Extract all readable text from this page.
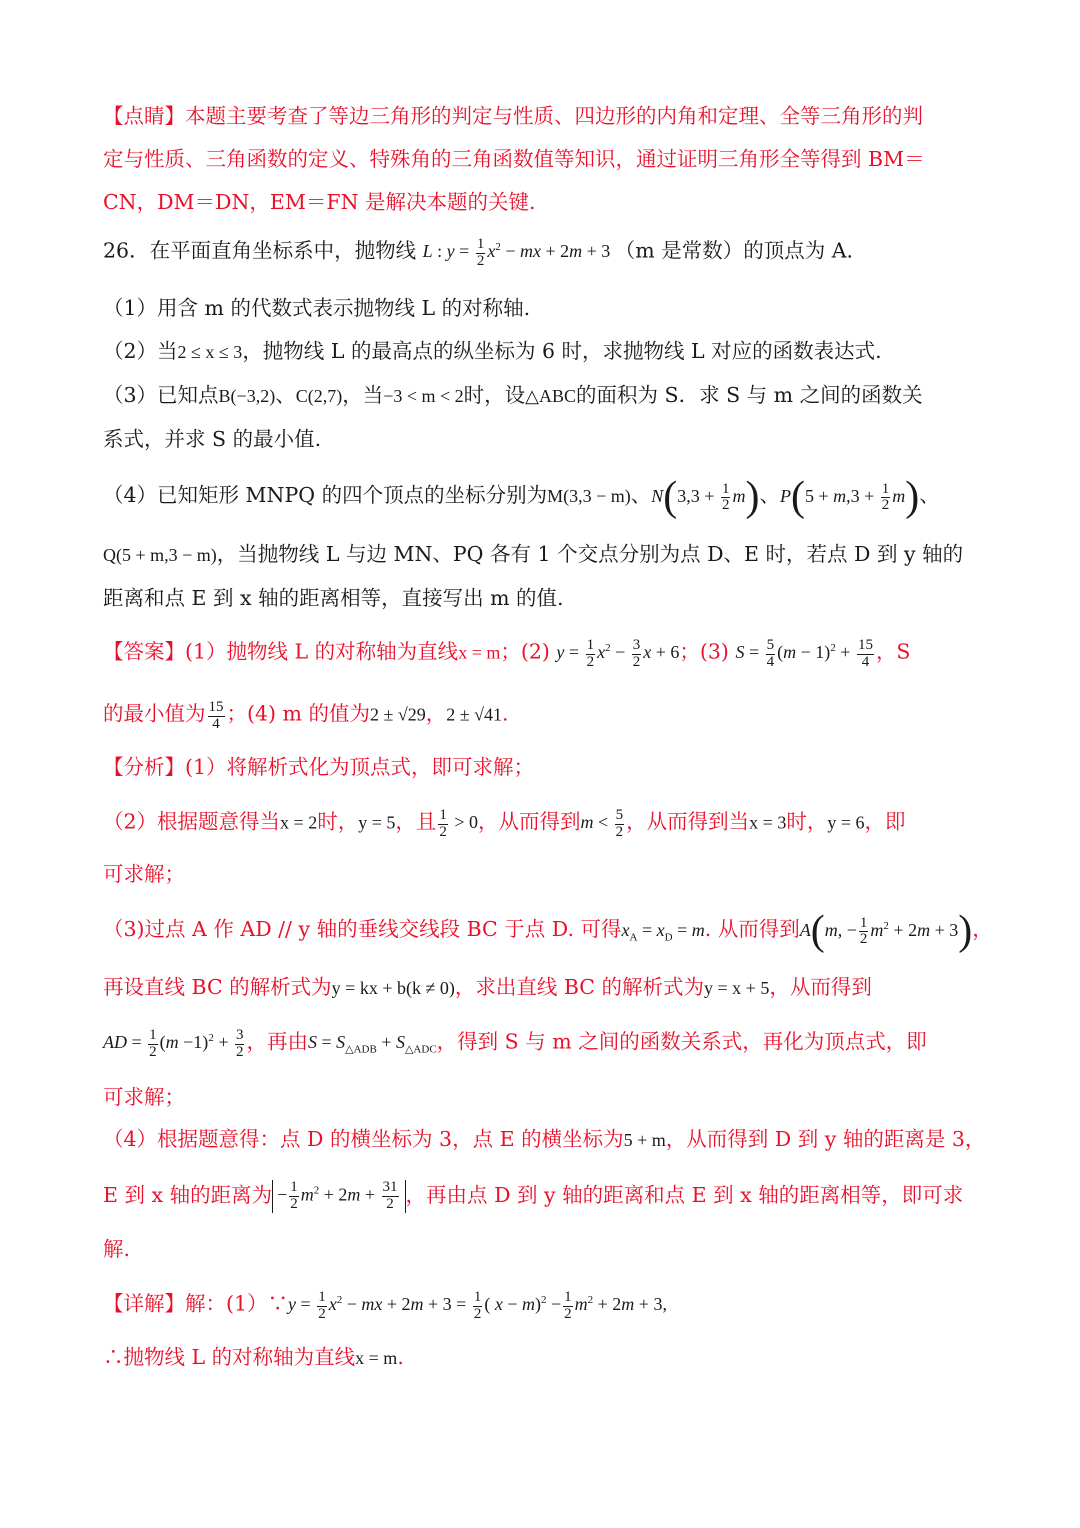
【点睛】本题主要考查了等边三角形的判定与性质、四边形的内角和定理、全等三角形的判
定与性质、三角函数的定义、特殊角的三角函数值等知识，通过证明三角形全等得到 BM＝
CN，DM＝DN，EM＝FN 是解决本题的关键.
26．在平面直角坐标系中，抛物线 L : $y = \frac{1}{2} x^2$ − mx + 2m + 3 （m 是常数）的顶点为 A.
（1）用含 m 的代数式表示抛物线 L 的对称轴.
（2）当2 ≤ x ≤ 3，抛物线 L 的最高点的纵坐标为 6 时，求抛物线 L 对应的函数表达式.
（3）已知点B(−3,2)、C(2,7)，当−3 < m < 2时，设△ABC的面积为 S．求 S 与 m 之间的函数关
系式，并求 S 的最小值.
（4）已知矩形 MNPQ 的四个顶点的坐标分别为M(3,3 − m)、$N(3,3 + \frac{1}{2} m)$、$P(5 + m,3 + \frac{1}{2} m)$、
Q(5 + m,3 − m)，当抛物线 L 与边 MN、PQ 各有 1 个交点分别为点 D、E 时，若点 D 到 y 轴的
距离和点 E 到 x 轴的距离相等，直接写出 m 的值.
【答案】(1）抛物线 L 的对称轴为直线x = m；(2) $y = \frac{1}{2} x^2 - \frac{3}{2}$ x + 6；(3) $S = \frac{5}{4} (m - 1)^2 + \frac{15}{4}$ ，S
的最小值为 $\frac{15}{4}$ ；(4) m 的值为2 ± √29，2 ± √41.
【分析】(1）将解析式化为顶点式，即可求解；
（2）根据题意得当x = 2时，y = 5，且 $\frac{1}{2} > 0$，从而得到$m < \frac{5}{2}$ ，从而得到当x = 3时，y = 6，即
可求解；
（3)过点 A 作 AD // y 轴的垂线交线段 BC 于点 D. 可得$x_A = x_D = m$. 从而得到A(m, − $\frac{1}{2} m^2 + 2m + 3$)，
再设直线 BC 的解析式为y = kx + b(k ≠ 0)，求出直线 BC 的解析式为y = x + 5，从而得到
AD = $\frac{1}{2} (m -1)^2 + \frac{3}{2}$ ，再由$S = S_{\triangle ADB} + S_{\triangle ADC}$，得到 S 与 m 之间的函数关系式，再化为顶点式，即
可求解；
（4）根据题意得：点 D 的横坐标为 3，点 E 的横坐标为5 + m，从而得到 D 到 y 轴的距离是 3，
E 到 x 轴的距离为 − $\frac{1}{2} m^2 + 2m + \frac{31}{2}$ ，再由点 D 到 y 轴的距离和点 E 到 x 轴的距离相等，即可求
解.
【详解】解：(1）∵y = $\frac{1}{2} x^2$ − mx + $2m + 3 = \frac{1}{2}$ ( $x - m)^2 - \frac{1}{2} m^2 + 2m + 3$,
∴抛物线 L 的对称轴为直线x = m.
